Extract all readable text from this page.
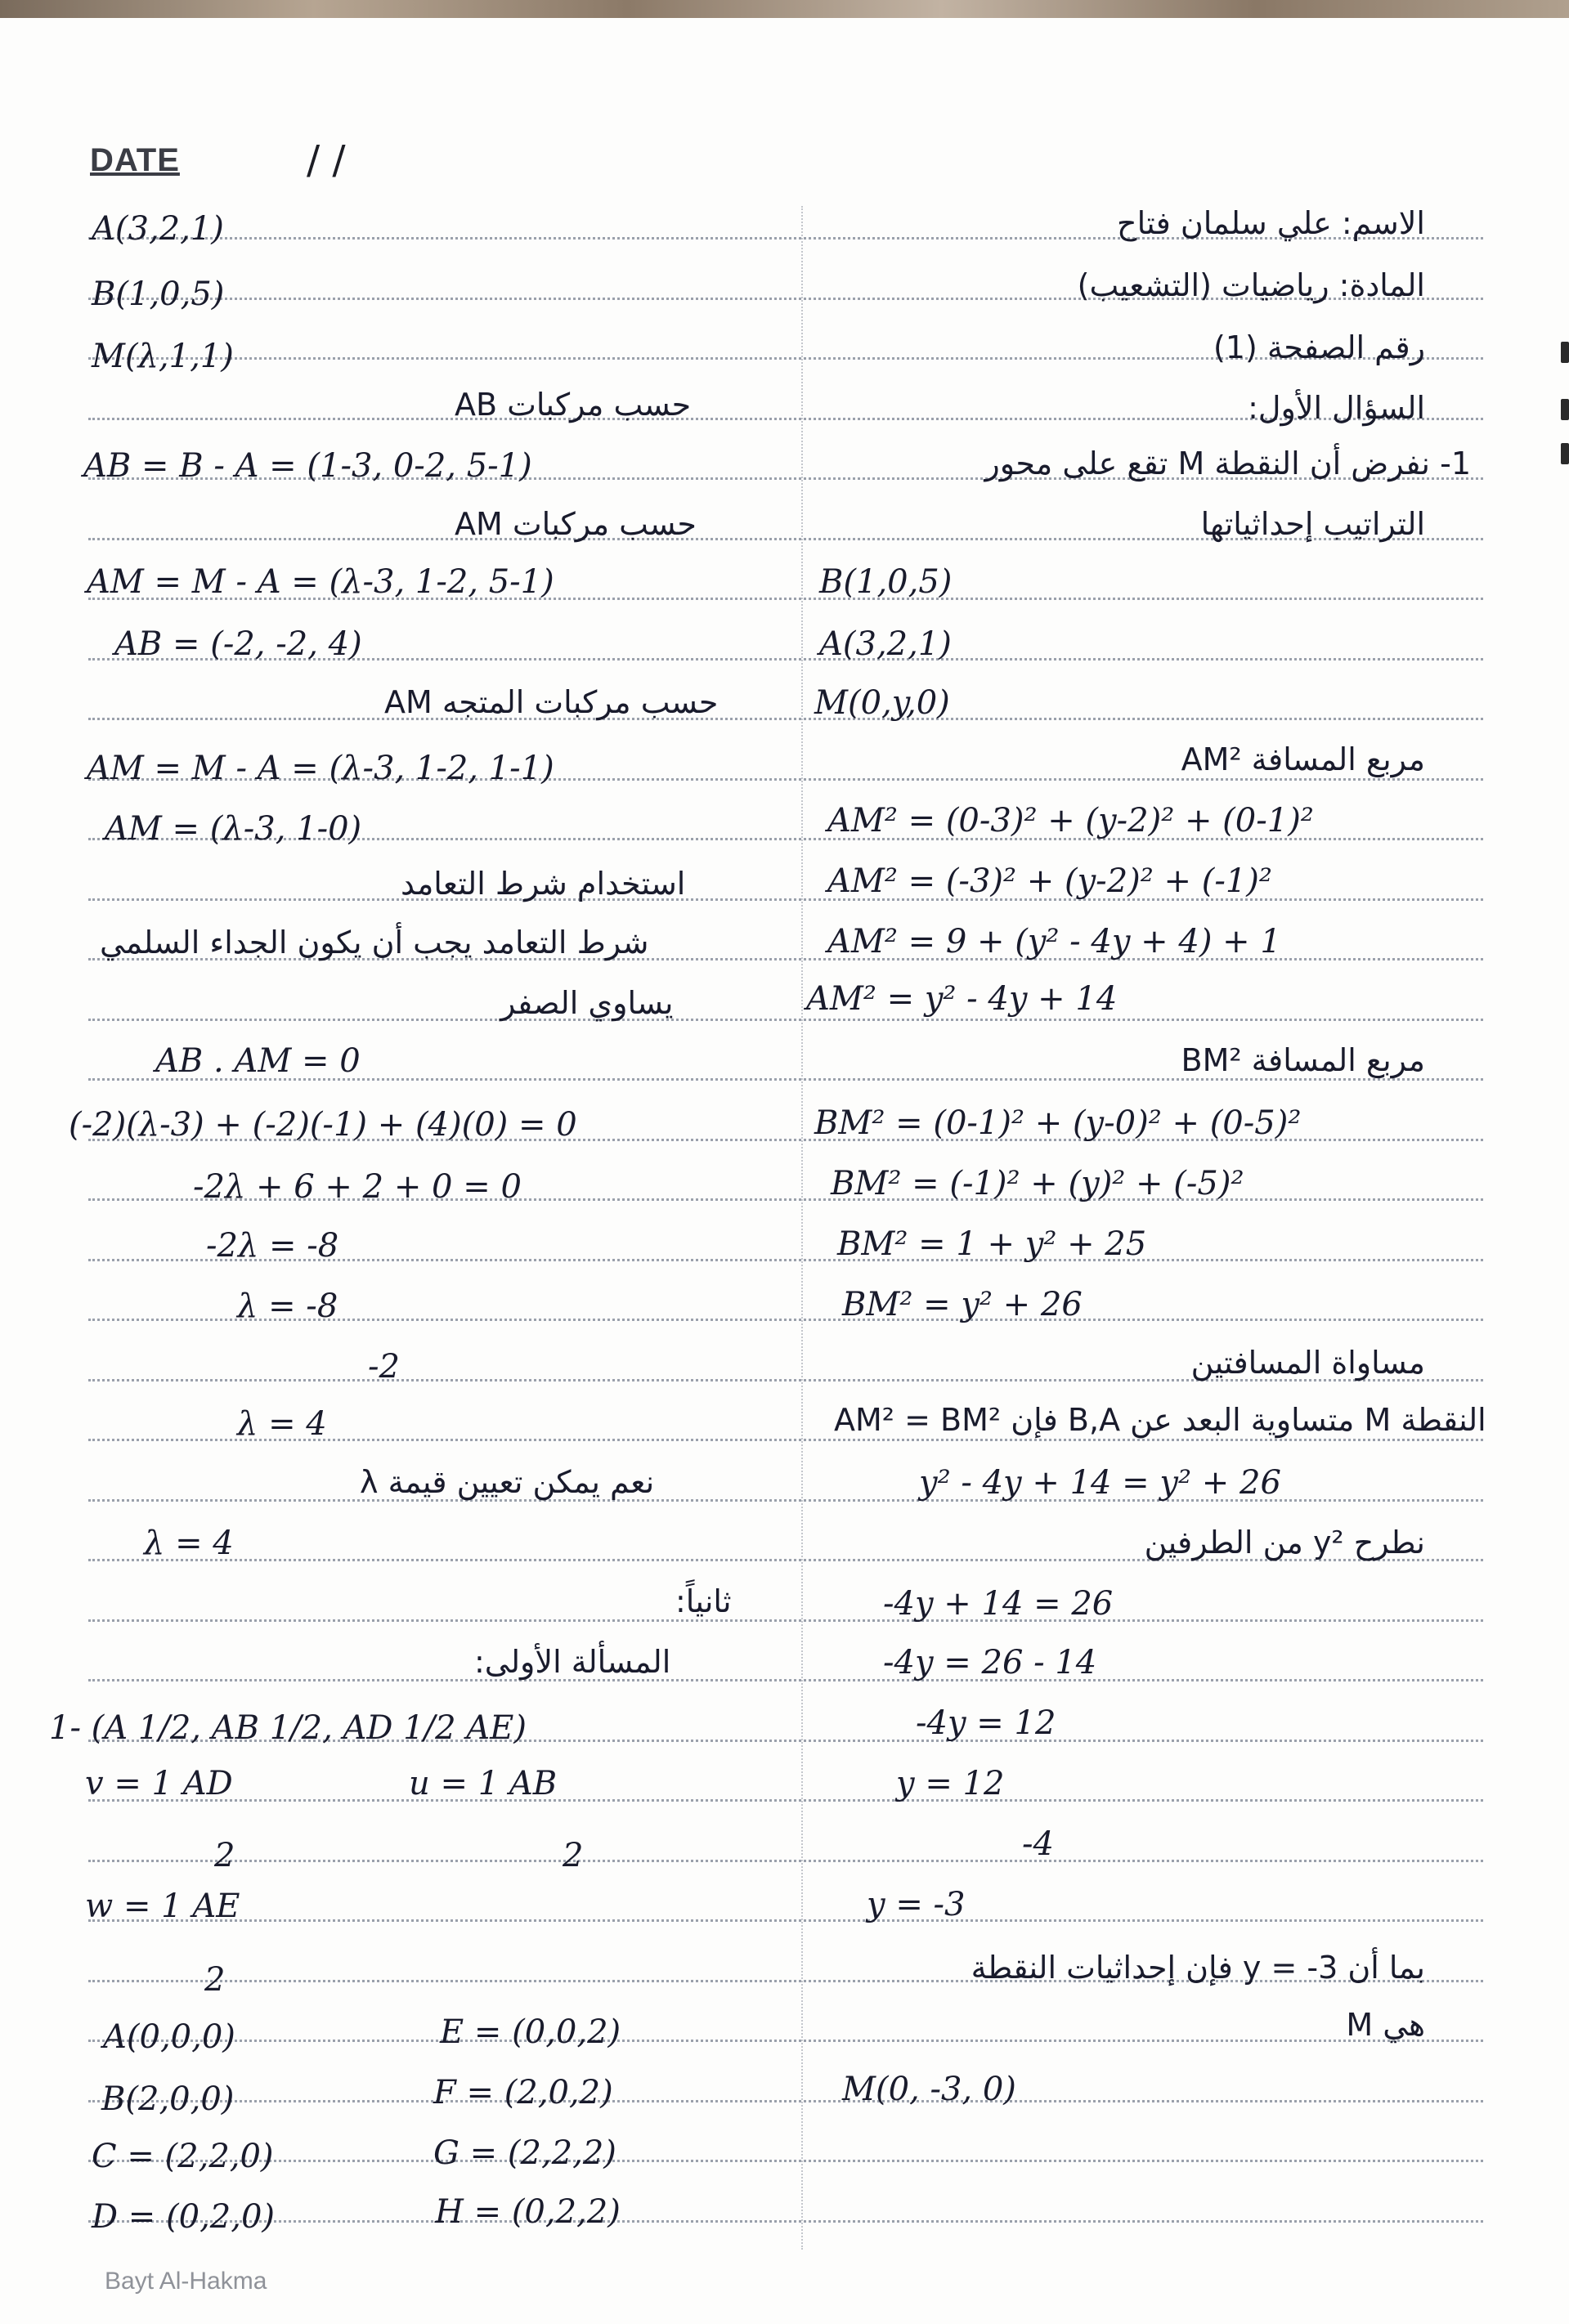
DATE	/ /
A(3,2,1)
B(1,0,5)
M(λ,1,1)
حسب مركبات AB
AB = B - A = (1-3, 0-2, 5-1)
حسب مركبات AM
AM = M - A = (λ-3, 1-2, 5-1)
AB = (-2, -2, 4)
حسب مركبات المتجه AM
AM = M - A = (λ-3, 1-2, 1-1)
AM = (λ-3, 1-0)
استخدام شرط التعامد
شرط التعامد يجب أن يكون الجداء السلمي
يساوي الصفر
AB . AM = 0
(-2)(λ-3) + (-2)(-1) + (4)(0) = 0
-2λ + 6 + 2 + 0 = 0
-2λ = -8
λ = -8
-2
λ = 4
نعم يمكن تعيين قيمة λ
λ = 4
ثانياً:
المسألة الأولى:
1- (A 1/2, AB 1/2, AD 1/2 AE)
v = 1 AD	u = 1 AB
2	2
w = 1 AE
2
A(0,0,0)	E = (0,0,2)
B(2,0,0)	F = (2,0,2)
C = (2,2,0)	G = (2,2,2)
D = (0,2,0)	H = (0,2,2)
الاسم: علي سلمان فتاح
المادة: رياضيات (التشعيب)
رقم الصفحة (1)
السؤال الأول:
1- نفرض أن النقطة M تقع على محور
التراتيب إحداثياتها
B(1,0,5)
A(3,2,1)
M(0,y,0)
مربع المسافة AM²
AM² = (0-3)² + (y-2)² + (0-1)²
AM² = (-3)² + (y-2)² + (-1)²
AM² = 9 + (y² - 4y + 4) + 1
AM² = y² - 4y + 14
مربع المسافة BM²
BM² = (0-1)² + (y-0)² + (0-5)²
BM² = (-1)² + (y)² + (-5)²
BM² = 1 + y² + 25
BM² = y² + 26
مساواة المسافتين
النقطة M متساوية البعد عن B,A فإن AM² = BM²
y² - 4y + 14 = y² + 26
نطرح y² من الطرفين
-4y + 14 = 26
-4y = 26 - 14
-4y = 12
y = 12
-4
y = -3
بما أن y = -3 فإن إحداثيات النقطة
M هي
M(0, -3, 0)
Bayt Al-Hakma
